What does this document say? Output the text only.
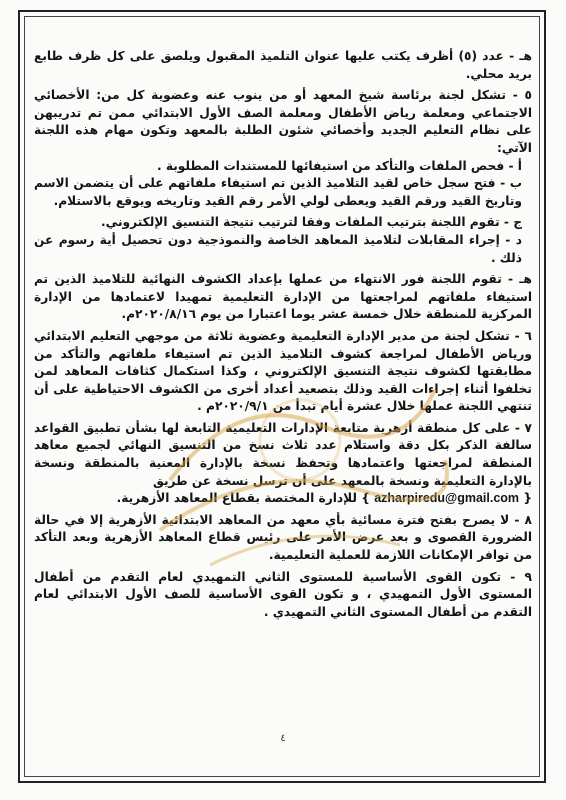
هـ - عدد (٥) أظرف يكتب عليها عنوان التلميذ المقبول ويلصق على كل ظرف طابع بريد محلي.

٥ - تشكل لجنة برئاسة شيخ المعهد أو من ينوب عنه وعضوية كل من: الأخصائي الاجتماعي ومعلمة رياض الأطفال ومعلمة الصف الأول الابتدائي ممن تم تدريبهن على نظام التعليم الجديد وأخصائي شئون الطلبة بالمعهد وتكون مهام هذه اللجنة الآتي:

أ - فحص الملفات والتأكد من استيفائها للمستندات المطلوبة .

ب - فتح سجل خاص لقيد التلاميذ الذين تم استيفاء ملفاتهم على أن يتضمن الاسم وتاريخ القيد ورقم القيد ويعطى لولي الأمر رقم القيد وتاريخه ويوقع بالاستلام.

ج - تقوم اللجنة بترتيب الملفات وفقا لترتيب نتيجة التنسيق الإلكتروني.

د - إجراء المقابلات لتلاميذ المعاهد الخاصة والنموذجية دون تحصيل أية رسوم عن ذلك .

هـ - تقوم اللجنة فور الانتهاء من عملها بإعداد الكشوف النهائية للتلاميذ الذين تم استيفاء ملفاتهم لمراجعتها من الإدارة التعليمية تمهيدا لاعتمادها من الإدارة المركزية للمنطقة خلال خمسة عشر يوما اعتبارا من يوم ٢٠٢٠/٨/١٦م.

٦ - تشكل لجنة من مدير الإدارة التعليمية وعضوية ثلاثة من موجهي التعليم الابتدائي ورياض الأطفال لمراجعة كشوف التلاميذ الذين تم استيفاء ملفاتهم والتأكد من مطابقتها لكشوف نتيجة التنسيق الإلكتروني ، وكذا استكمال كثافات المعاهد لمن تخلفوا أثناء إجراءات القيد وذلك بتصعيد أعداد أخرى من الكشوف الاحتياطية على أن تنتهي اللجنة عملها خلال عشرة أيام تبدأ من ٢٠٢٠/٩/١م .

٧ - على كل منطقة أزهرية متابعة الإدارات التعليمية التابعة لها بشأن تطبيق القواعد سالفة الذكر بكل دقة واستلام عدد ثلاث نسخ من التنسيق النهائي لجميع معاهد المنطقة لمراجعتها واعتمادها وتحفظ نسخة بالإدارة المعنية بالمنطقة ونسخة بالإدارة التعليمية ونسخة بالمعهد على أن ترسل نسخة عن طريق

{ azharpiredu@gmail.com } للإدارة المختصة بقطاع المعاهد الأزهرية.

٨ - لا يصرح بفتح فترة مسائية بأي معهد من المعاهد الابتدائية الأزهرية إلا في حالة الضرورة القصوى و بعد عرض الأمر على رئيس قطاع المعاهد الأزهرية وبعد التأكد من توافر الإمكانات اللازمة للعملية التعليمية.

٩ - تكون القوى الأساسية للمستوى الثاني التمهيدي لعام التقدم من أطفال المستوى الأول التمهيدي ، و تكون القوى الأساسية للصف الأول الابتدائي لعام التقدم من أطفال المستوى الثاني التمهيدي .

٤
